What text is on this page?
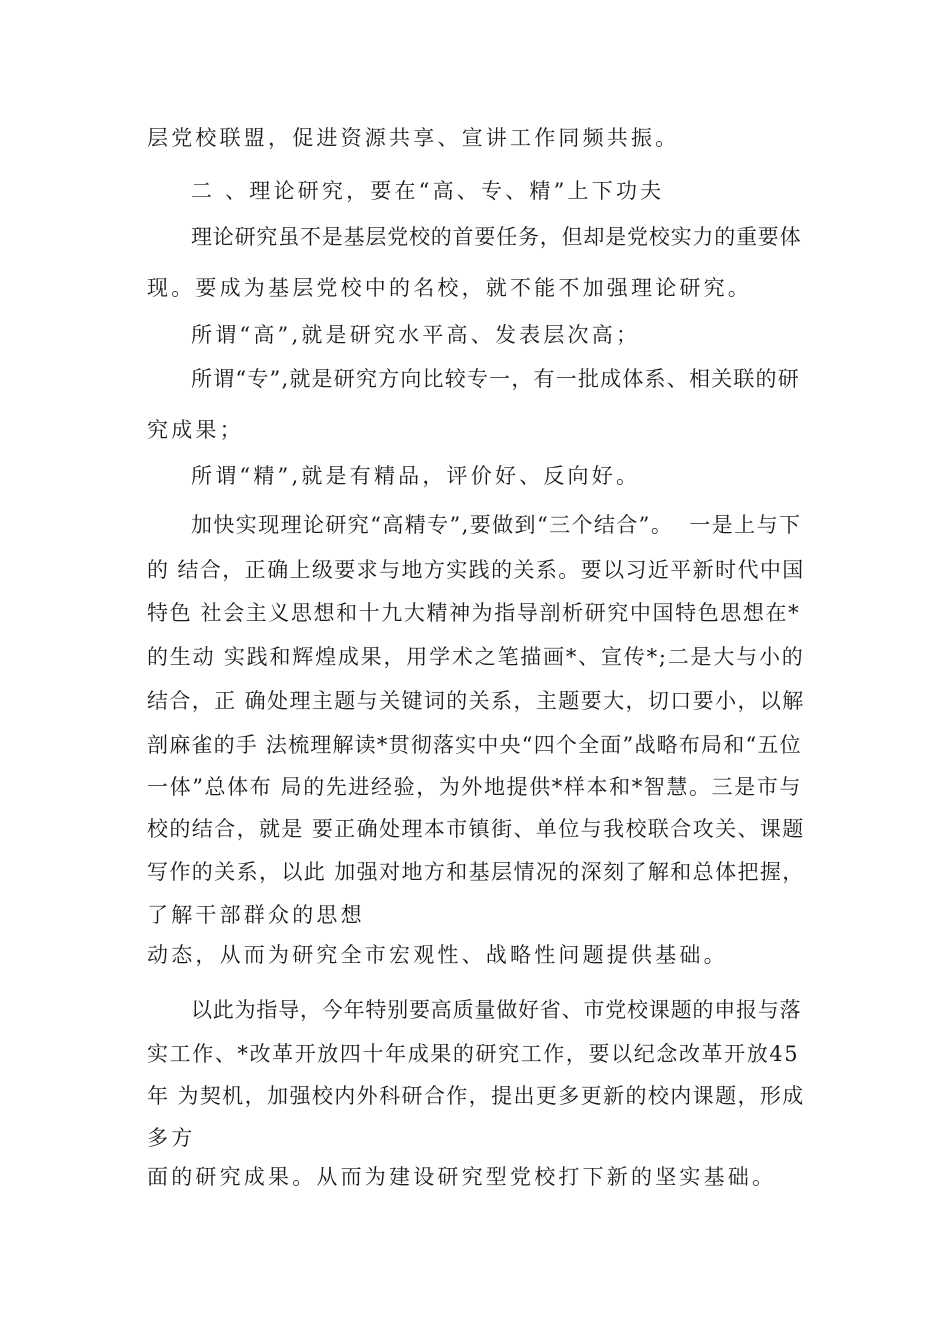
层党校联盟，促进资源共享、宣讲工作同频共振。
二 、理论研究，要在“高、专、精”上下功夫
理论研究虽不是基层党校的首要任务，但却是党校实力的重要体
现。要成为基层党校中的名校，就不能不加强理论研究。
所谓“高”,就是研究水平高、发表层次高；
所谓“专”,就是研究方向比较专一，有一批成体系、相关联的研
究成果；
所谓“精”,就是有精品，评价好、反向好。
加快实现理论研究“高精专”,要做到“三个结合”。  一是上与下
的 结合，正确上级要求与地方实践的关系。要以习近平新时代中国
特色 社会主义思想和十九大精神为指导剖析研究中国特色思想在*
的生动 实践和辉煌成果，用学术之笔描画*、宣传*;二是大与小的
结合，正 确处理主题与关键词的关系，主题要大，切口要小，以解
剖麻雀的手 法梳理解读*贯彻落实中央“四个全面”战略布局和“五位
一体”总体布 局的先进经验，为外地提供*样本和*智慧。三是市与
校的结合，就是 要正确处理本市镇街、单位与我校联合攻关、课题
写作的关系，以此 加强对地方和基层情况的深刻了解和总体把握，
了解干部群众的思想
动态，从而为研究全市宏观性、战略性问题提供基础。
以此为指导，今年特别要高质量做好省、市党校课题的申报与落
实工作、*改革开放四十年成果的研究工作，要以纪念改革开放45
年 为契机，加强校内外科研合作，提出更多更新的校内课题，形成
多方
面的研究成果。从而为建设研究型党校打下新的坚实基础。
